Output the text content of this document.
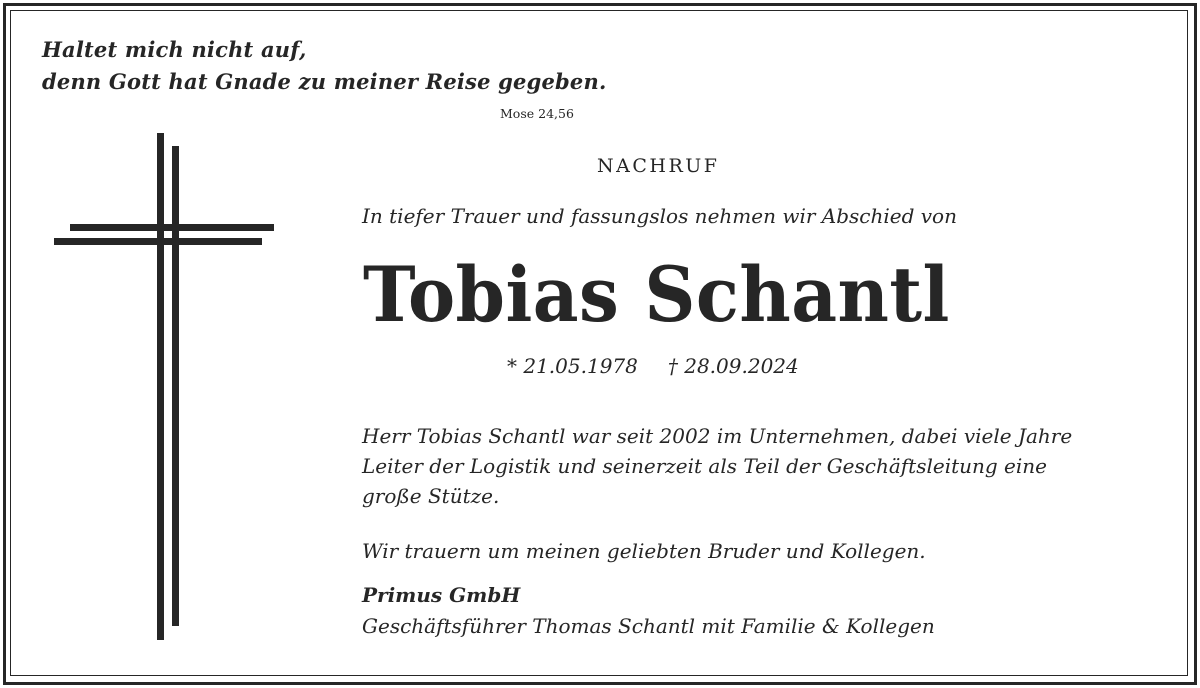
Haltet mich nicht auf,
denn Gott hat Gnade zu meiner Reise gegeben.
Mose 24,56
NACHRUF
In tiefer Trauer und fassungslos nehmen wir Abschied von
Tobias Schantl
* 21.05.1978 † 28.09.2024
Herr Tobias Schantl war seit 2002 im Unternehmen, dabei viele Jahre
Leiter der Logistik und seinerzeit als Teil der Geschäftsleitung eine
große Stütze.
Wir trauern um meinen geliebten Bruder und Kollegen.
Primus GmbH
Geschäftsführer Thomas Schantl mit Familie & Kollegen
